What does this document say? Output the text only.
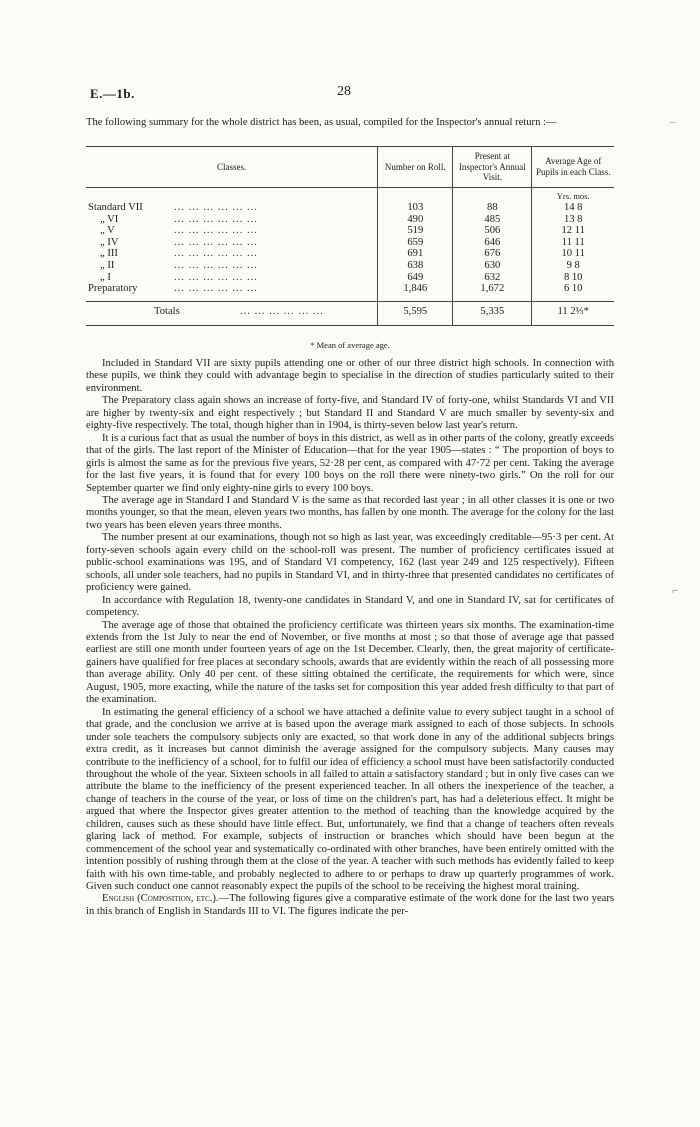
E.—1b.	28
The following summary for the whole district has been, as usual, compiled for the Inspector's annual return :—
Classes.	Number on Roll.	Present at Inspector's Annual Visit.	Average Age of Pupils in each Class.
			Yrs. mos.
Standard VII ... ... ... ... ... ...	103	88	14 8
„ VI ... ... ... ... ... ...	490	485	13 8
„ V ... ... ... ... ... ...	519	506	12 11
„ IV ... ... ... ... ... ...	659	646	11 11
„ III ... ... ... ... ... ...	691	676	10 11
„ II ... ... ... ... ... ...	638	630	9 8
„ I ... ... ... ... ... ...	649	632	8 10
Preparatory ... ... ... ... ... ...	1,846	1,672	6 10

Totals ... ... ... ... ... ...	5,595	5,335	11 2⅓*

* Mean of average age.

Included in Standard VII are sixty pupils attending one or other of our three district high schools. In connection with these pupils, we think they could with advantage begin to specialise in the direction of studies particularly suited to their environment.

The Preparatory class again shows an increase of forty-five, and Standard IV of forty-one, whilst Standards VI and VII are higher by twenty-six and eight respectively ; but Standard II and Standard V are much smaller by seventy-six and eighty-five respectively. The total, though higher than in 1904, is thirty-seven below last year's return.

It is a curious fact that as usual the number of boys in this district, as well as in other parts of the colony, greatly exceeds that of the girls. The last report of the Minister of Education—that for the year 1905—states : “ The proportion of boys to girls is almost the same as for the previous five years, 52·28 per cent, as compared with 47·72 per cent. Taking the average for the last five years, it is found that for every 100 boys on the roll there were ninety-two girls.” On the roll for our September quarter we find only eighty-nine girls to every 100 boys.

The average age in Standard I and Standard V is the same as that recorded last year ; in all other classes it is one or two months younger, so that the mean, eleven years two months, has fallen by one month. The average for the colony for the last two years has been eleven years three months.

The number present at our examinations, though not so high as last year, was exceedingly creditable—95·3 per cent. At forty-seven schools again every child on the school-roll was present. The number of proficiency certificates issued at public-school examinations was 195, and of Standard VI competency, 162 (last year 249 and 125 respectively). Fifteen schools, all under sole teachers, had no pupils in Standard VI, and in thirty-three that presented candidates no certificates of proficiency were gained.

In accordance with Regulation 18, twenty-one candidates in Standard V, and one in Standard IV, sat for certificates of competency.

The average age of those that obtained the proficiency certificate was thirteen years six months. The examination-time extends from the 1st July to near the end of November, or five months at most ; so that those of average age that passed earliest are still one month under fourteen years of age on the 1st December. Clearly, then, the great majority of certificate-gainers have qualified for free places at secondary schools, awards that are evidently within the reach of all possessing more than average ability. Only 40 per cent. of these sitting obtained the certificate, the requirements for which were, since August, 1905, more exacting, while the nature of the tasks set for composition this year added fresh difficulty to that part of the examination.

In estimating the general efficiency of a school we have attached a definite value to every subject taught in a school of that grade, and the conclusion we arrive at is based upon the average mark assigned to each of those subjects. In schools under sole teachers the compulsory subjects only are exacted, so that work done in any of the additional subjects brings extra credit, as it increases but cannot diminish the average assigned for the compulsory subjects. Many causes may contribute to the inefficiency of a school, for to fulfil our idea of efficiency a school must have been satisfactorily conducted throughout the whole of the year. Sixteen schools in all failed to attain a satisfactory standard ; but in only five cases can we attribute the blame to the inefficiency of the present experienced teacher. In all others the inexperience of the teacher, a change of teachers in the course of the year, or loss of time on the children's part, has had a deleterious effect. It might be argued that where the Inspector gives greater attention to the method of teaching than the knowledge acquired by the children, causes such as these should have little effect. But, unfortunately, we find that a change of teachers often reveals glaring lack of method. For example, subjects of instruction or branches which should have been begun at the commencement of the school year and systematically co-ordinated with other branches, have been entirely omitted with the intention possibly of rushing through them at the close of the year. A teacher with such methods has evidently failed to keep faith with his own time-table, and probably neglected to adhere to or perhaps to draw up quarterly programmes of work. Given such conduct one cannot reasonably expect the pupils of the school to be receiving the highest moral training.

English (Composition, etc.).—The following figures give a comparative estimate of the work done for the last two years in this branch of English in Standards III to VI. The figures indicate the per-

–
⌐
